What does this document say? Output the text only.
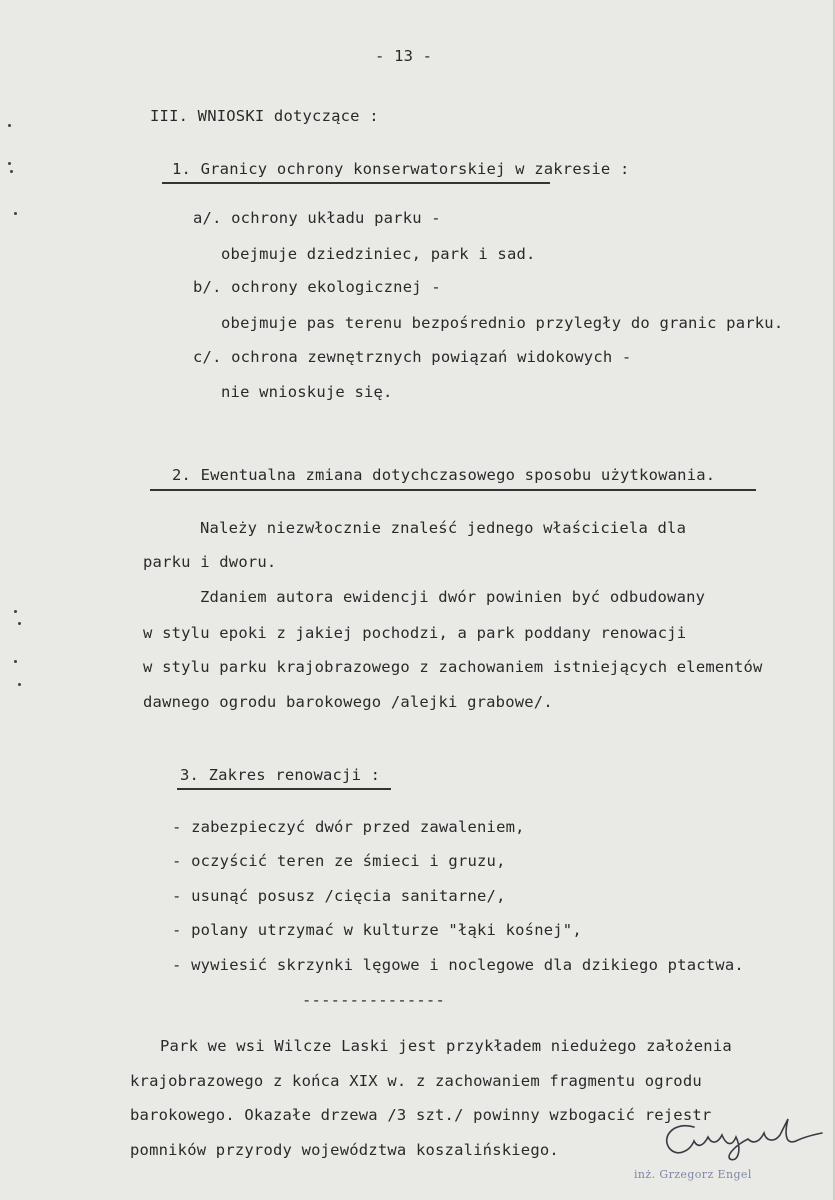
- 13 -
III. WNIOSKI dotyczące :
1. Granicy ochrony konserwatorskiej w zakresie :
a/. ochrony układu parku -
obejmuje dziedziniec, park i sad.
b/. ochrony ekologicznej -
obejmuje pas terenu bezpośrednio przyległy do granic parku.
c/. ochrona zewnętrznych powiązań widokowych -
nie wnioskuje się.
2. Ewentualna zmiana dotychczasowego sposobu użytkowania.
Należy niezwłocznie znaleść jednego właściciela dla
parku i dworu.
Zdaniem autora ewidencji dwór powinien być odbudowany
w stylu epoki z jakiej pochodzi, a park poddany renowacji
w stylu parku krajobrazowego z zachowaniem istniejących elementów
dawnego ogrodu barokowego /alejki grabowe/.
3. Zakres renowacji :
- zabezpieczyć dwór przed zawaleniem,
- oczyścić teren ze śmieci i gruzu,
- usunąć posusz /cięcia sanitarne/,
- polany utrzymać w kulturze "łąki kośnej",
- wywiesić skrzynki lęgowe i noclegowe dla dzikiego ptactwa.
---------------
Park we wsi Wilcze Laski jest przykładem niedużego założenia
krajobrazowego z końca XIX w. z zachowaniem fragmentu ogrodu
barokowego. Okazałe drzewa /3 szt./ powinny wzbogacić rejestr
pomników przyrody województwa koszalińskiego.
inż. Grzegorz Engel
